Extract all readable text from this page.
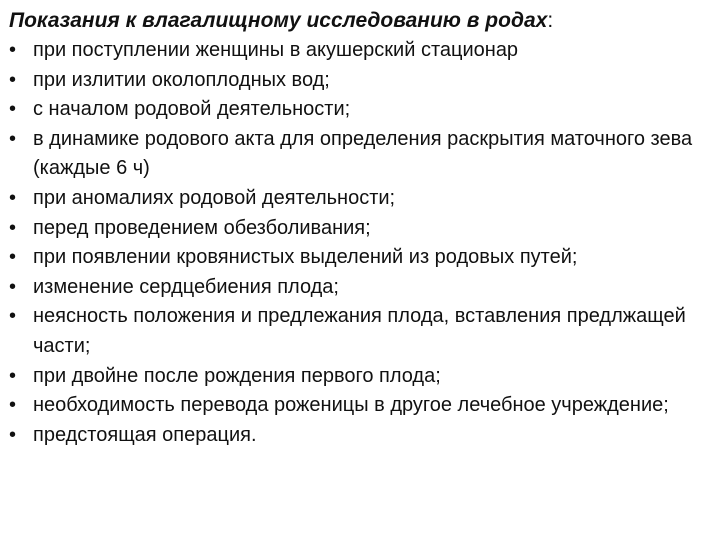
Показания к влагалищному исследованию в родах:

• при поступлении женщины в акушерский стационар
• при излитии околоплодных вод;
• с началом родовой деятельности;
• в динамике родового акта для определения раскрытия маточного зева (каждые 6 ч)
• при аномалиях родовой деятельности;
• перед проведением обезболивания;
• при появлении кровянистых выделений из родовых путей;
• изменение сердцебиения плода;
• неясность положения и предлежания плода, вставления предлжащей части;
• при двойне после рождения первого плода;
• необходимость перевода роженицы в другое лечебное учреждение;
• предстоящая операция.
